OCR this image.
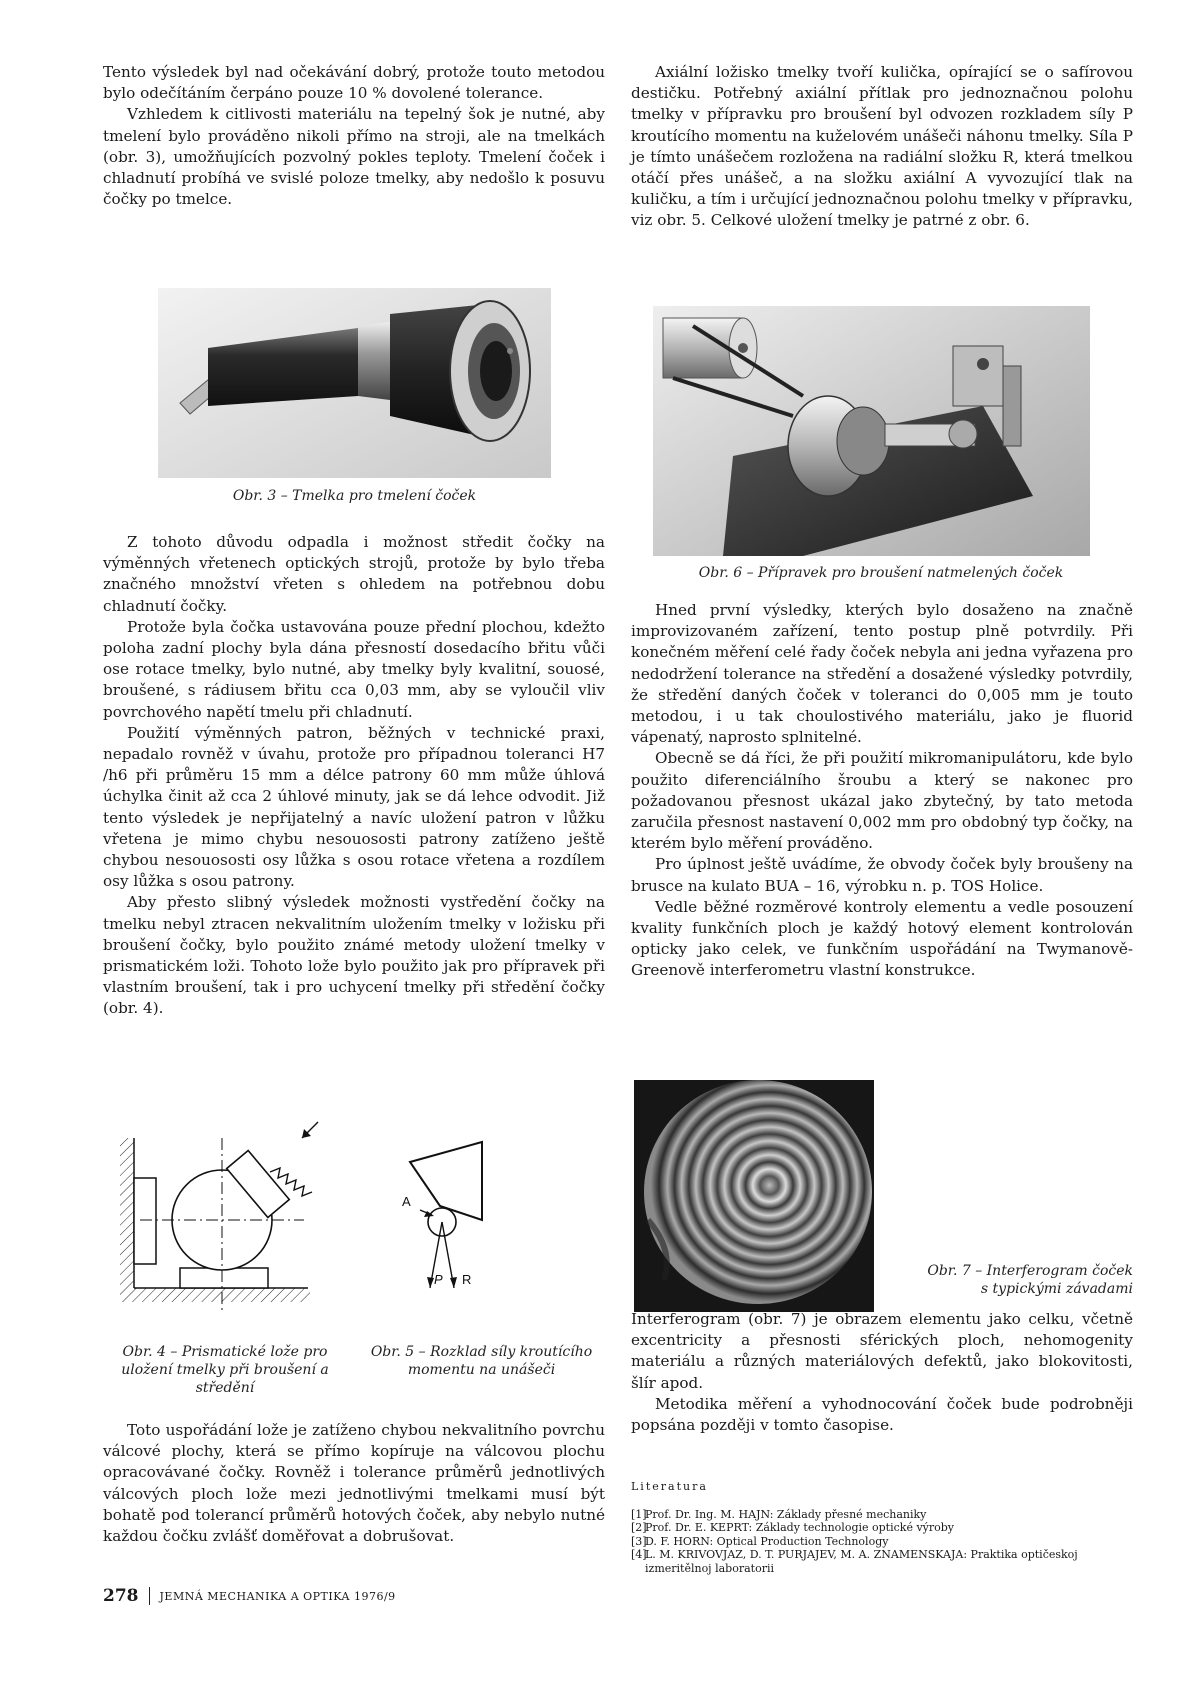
Tento výsledek byl nad očekávání dobrý, protože touto metodou bylo odečítáním čerpáno pouze 10 % dovolené tolerance.

Vzhledem k citlivosti materiálu na tepelný šok je nutné, aby tmelení bylo prováděno nikoli přímo na stroji, ale na tmelkách (obr. 3), umožňujících pozvolný pokles teploty. Tmelení čoček i chladnutí probíhá ve svislé poloze tmelky, aby nedošlo k posuvu čočky po tmelce.

Obr. 3 – Tmelka pro tmelení čoček

Z tohoto důvodu odpadla i možnost středit čočky na výměnných vřetenech optických strojů, protože by bylo třeba značného množství vřeten s ohledem na potřebnou dobu chladnutí čočky.

Protože byla čočka ustavována pouze přední plochou, kdežto poloha zadní plochy byla dána přesností dosedacího břitu vůči ose rotace tmelky, bylo nutné, aby tmelky byly kvalitní, souosé, broušené, s rádiusem břitu cca 0,03 mm, aby se vyloučil vliv povrchového napětí tmelu při chladnutí.

Použití výměnných patron, běžných v technické praxi, nepadalo rovněž v úvahu, protože pro případnou toleranci H7 /h6 při průměru 15 mm a délce patrony 60 mm může úhlová úchylka činit až cca 2 úhlové minuty, jak se dá lehce odvodit. Již tento výsledek je nepřijatelný a navíc uložení patron v lůžku vřetena je mimo chybu nesouososti patrony zatíženo ještě chybou nesouososti osy lůžka s osou rotace vřetena a rozdílem osy lůžka s osou patrony.

Aby přesto slibný výsledek možnosti vystředění čočky na tmelku nebyl ztracen nekvalitním uložením tmelky v ložisku při broušení čočky, bylo použito známé metody uložení tmelky v prismatickém loži. Tohoto lože bylo použito jak pro přípravek při vlastním broušení, tak i pro uchycení tmelky při středění čočky (obr. 4).

Obr. 4 – Prismatické lože pro uložení tmelky při broušení a středění
A
P R
Obr. 5 – Rozklad síly kroutícího momentu na unášeči

Toto uspořádání lože je zatíženo chybou nekvalitního povrchu válcové plochy, která se přímo kopíruje na válcovou plochu opracovávané čočky. Rovněž i tolerance průměrů jednotlivých válcových ploch lože mezi jednotlivými tmelkami musí být bohatě pod tolerancí průměrů hotových čoček, aby nebylo nutné každou čočku zvlášť doměřovat a dobrušovat.

Axiální ložisko tmelky tvoří kulička, opírající se o safírovou destičku. Potřebný axiální přítlak pro jednoznačnou polohu tmelky v přípravku pro broušení byl odvozen rozkladem síly P kroutícího momentu na kuželovém unášeči náhonu tmelky. Síla P je tímto unášečem rozložena na radiální složku R, která tmelkou otáčí přes unášeč, a na složku axiální A vyvozující tlak na kuličku, a tím i určující jednoznačnou polohu tmelky v přípravku, viz obr. 5. Celkové uložení tmelky je patrné z obr. 6.

Obr. 6 – Přípravek pro broušení natmelených čoček

Hned první výsledky, kterých bylo dosaženo na značně improvizovaném zařízení, tento postup plně potvrdily. Při konečném měření celé řady čoček nebyla ani jedna vyřazena pro nedodržení tolerance na středění a dosažené výsledky potvrdily, že středění daných čoček v toleranci do 0,005 mm je touto metodou, i u tak choulostivého materiálu, jako je fluorid vápenatý, naprosto splnitelné.

Obecně se dá říci, že při použití mikromanipulátoru, kde bylo použito diferenciálního šroubu a který se nakonec pro požadovanou přesnost ukázal jako zbytečný, by tato metoda zaručila přesnost nastavení 0,002 mm pro obdobný typ čočky, na kterém bylo měření prováděno.

Pro úplnost ještě uvádíme, že obvody čoček byly broušeny na brusce na kulato BUA – 16, výrobku n. p. TOS Holice.

Vedle běžné rozměrové kontroly elementu a vedle posouzení kvality funkčních ploch je každý hotový element kontrolován opticky jako celek, ve funkčním uspořádání na Twymanově-Greenově interferometru vlastní konstrukce.

Obr. 7 – Interferogram čoček
s typickými závadami

Interferogram (obr. 7) je obrazem elementu jako celku, včetně excentricity a přesnosti sférických ploch, nehomogenity materiálu a různých materiálových defektů, jako blokovitosti, šlír apod.

Metodika měření a vyhodnocování čoček bude podrobněji popsána později v tomto časopise.

Literatura
[1]
Prof. Dr. Ing. M. HAJN: Základy přesné mechaniky
[2]
Prof. Dr. E. KEPRT: Základy technologie optické výroby
[3]
D. F. HORN: Optical Production Technology
[4]
L. M. KRIVOVJAZ, D. T. PURJAJEV, M. A. ZNAMENSKAJA: Praktika optičeskoj izmeritělnoj laboratorii
278 JEMNÁ MECHANIKA A OPTIKA 1976/9
